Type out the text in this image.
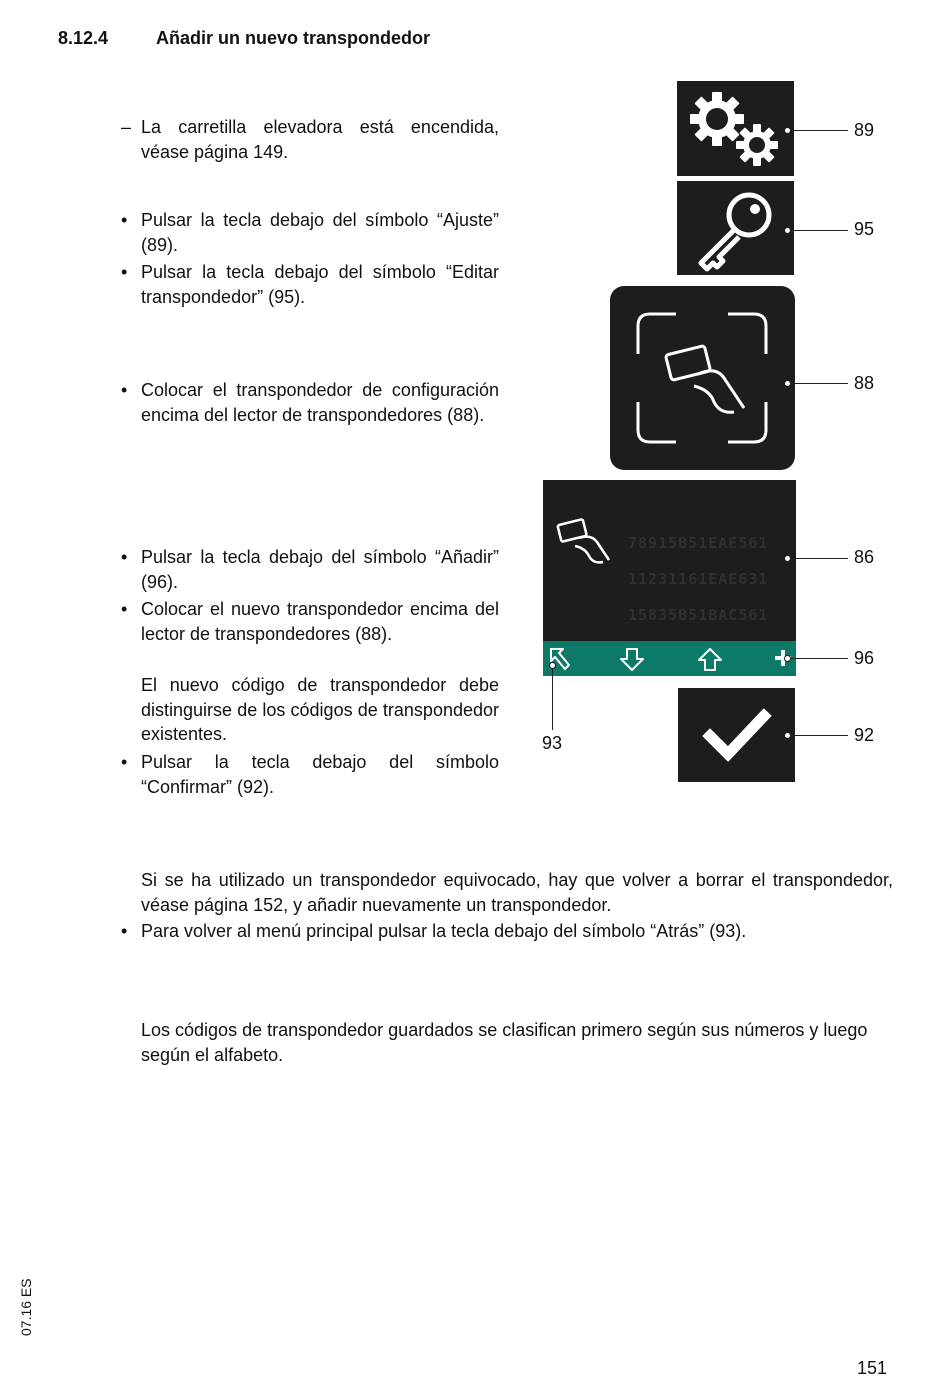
8.12.4	Añadir un nuevo transpondedor
– La carretilla elevadora está encendida, véase página 149.
• Pulsar la tecla debajo del símbolo “Ajuste” (89).
• Pulsar la tecla debajo del símbolo “Editar transpondedor” (95).
• Colocar el transpondedor de configuración encima del lector de transpondedores (88).
• Pulsar la tecla debajo del símbolo “Añadir” (96).
• Colocar el nuevo transpondedor encima del lector de transpondedores (88).
El nuevo código de transpondedor debe distinguirse de los códigos de transpondedor existentes.
• Pulsar la tecla debajo del símbolo “Confirmar” (92).
Si se ha utilizado un transpondedor equivocado, hay que volver a borrar el transpondedor, véase página 152, y añadir nuevamente un transpondedor.
• Para volver al menú principal pulsar la tecla debajo del símbolo “Atrás” (93).
Los códigos de transpondedor guardados se clasifican primero según sus números y luego según el alfabeto.
78915B51EAE561
11231161EAE631
15835B51BAC561
89
95
88
86
96
93	92
07.16 ES
151
